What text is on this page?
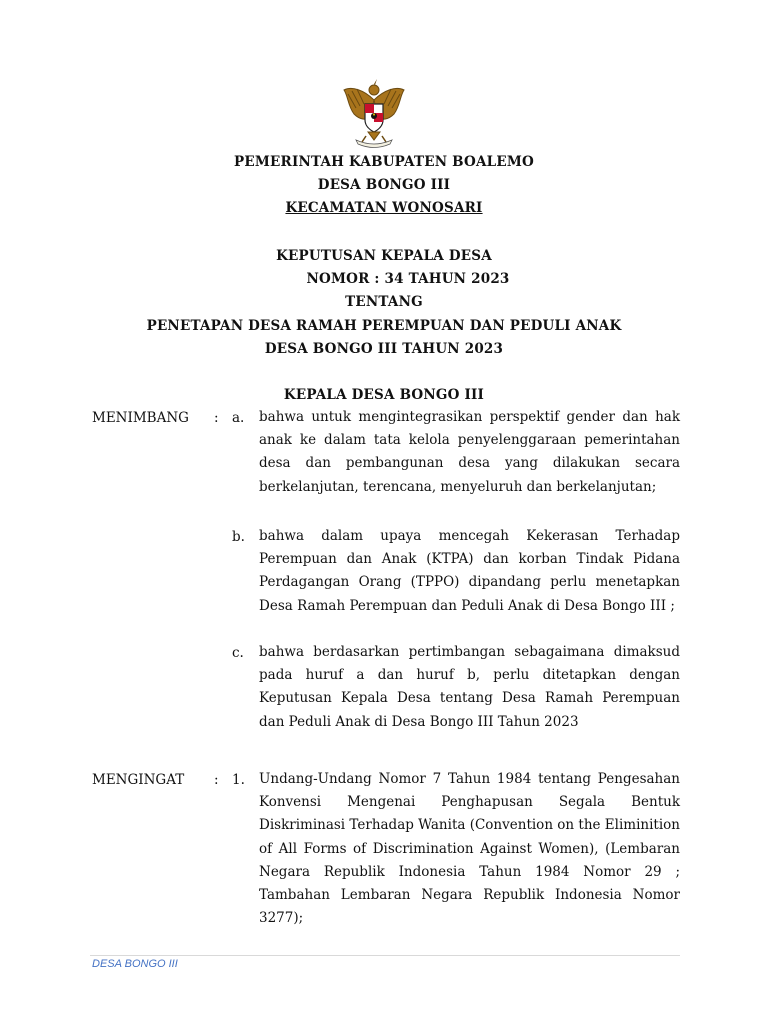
PEMERINTAH KABUPATEN BOALEMO
DESA BONGO III
KECAMATAN WONOSARI
KEPUTUSAN KEPALA DESA
NOMOR : 34 TAHUN 2023
TENTANG
PENETAPAN DESA RAMAH PEREMPUAN DAN PEDULI ANAK
DESA BONGO III TAHUN 2023
KEPALA DESA BONGO III
MENIMBANG : a. bahwa untuk mengintegrasikan perspektif gender dan hak anak ke dalam tata kelola penyelenggaraan pemerintahan desa dan pembangunan desa yang dilakukan secara berkelanjutan, terencana, menyeluruh dan berkelanjutan;
b. bahwa dalam upaya mencegah Kekerasan Terhadap Perempuan dan Anak (KTPA) dan korban Tindak Pidana Perdagangan Orang (TPPO) dipandang perlu menetapkan Desa Ramah Perempuan dan Peduli Anak di Desa Bongo III ;
c. bahwa berdasarkan pertimbangan sebagaimana dimaksud pada huruf a dan huruf b, perlu ditetapkan dengan Keputusan Kepala Desa tentang Desa Ramah Perempuan dan Peduli Anak di Desa Bongo III Tahun 2023
MENGINGAT : 1. Undang-Undang Nomor 7 Tahun 1984 tentang Pengesahan Konvensi Mengenai Penghapusan Segala Bentuk Diskriminasi Terhadap Wanita (Convention on the Eliminition of All Forms of Discrimination Against Women), (Lembaran Negara Republik Indonesia Tahun 1984 Nomor 29 ; Tambahan Lembaran Negara Republik Indonesia Nomor 3277);
DESA BONGO III
